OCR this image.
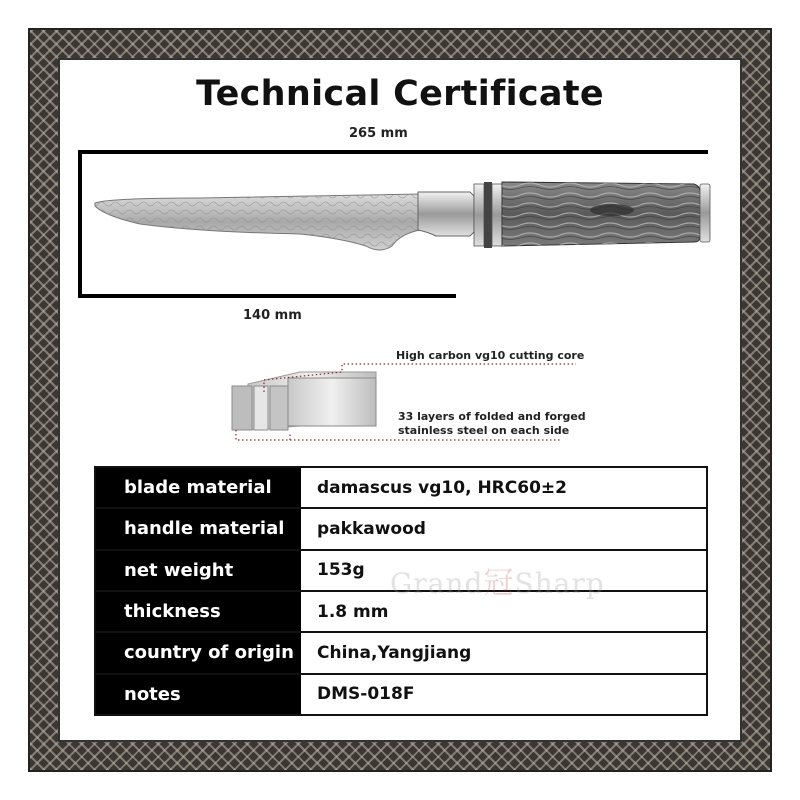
Technical Certificate
265 mm
140 mm
High carbon vg10 cutting core
33 layers of folded and forged
stainless steel on each side
blade material	damascus vg10, HRC60±2
handle material	pakkawood
net weight	153g
thickness	1.8 mm
country of origin	China,Yangjiang
notes	DMS-018F
Grand冠Sharp
